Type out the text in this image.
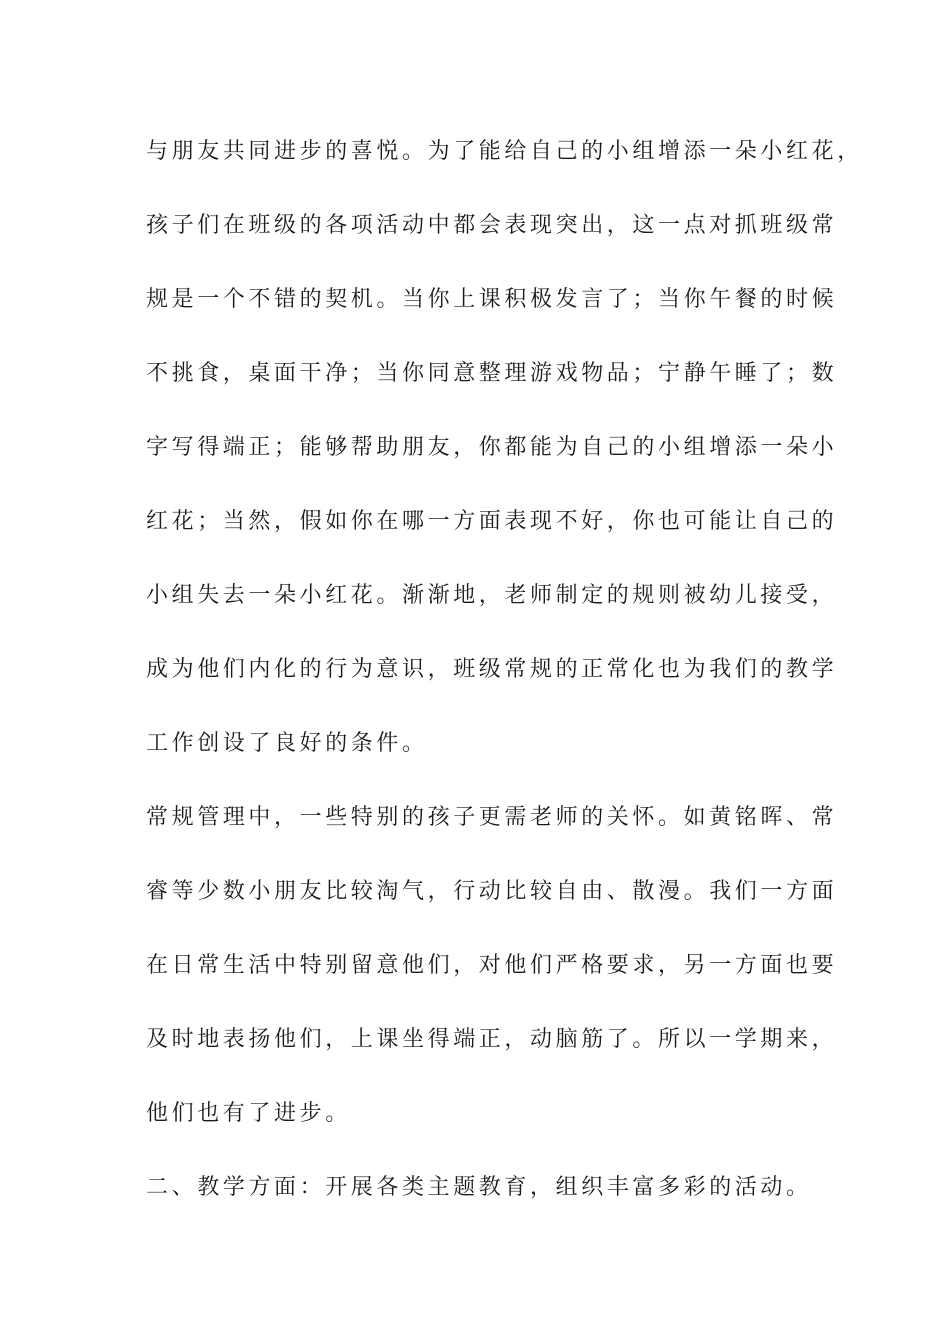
与朋友共同进步的喜悦。为了能给自己的小组增添一朵小红花，
孩子们在班级的各项活动中都会表现突出，这一点对抓班级常
规是一个不错的契机。当你上课积极发言了；当你午餐的时候
不挑食，桌面干净；当你同意整理游戏物品；宁静午睡了；数
字写得端正；能够帮助朋友，你都能为自己的小组增添一朵小
红花；当然，假如你在哪一方面表现不好，你也可能让自己的
小组失去一朵小红花。渐渐地，老师制定的规则被幼儿接受，
成为他们内化的行为意识，班级常规的正常化也为我们的教学
工作创设了良好的条件。
常规管理中，一些特别的孩子更需老师的关怀。如黄铭晖、常
睿等少数小朋友比较淘气，行动比较自由、散漫。我们一方面
在日常生活中特别留意他们，对他们严格要求，另一方面也要
及时地表扬他们，上课坐得端正，动脑筋了。所以一学期来，
他们也有了进步。
二、教学方面：开展各类主题教育，组织丰富多彩的活动。
